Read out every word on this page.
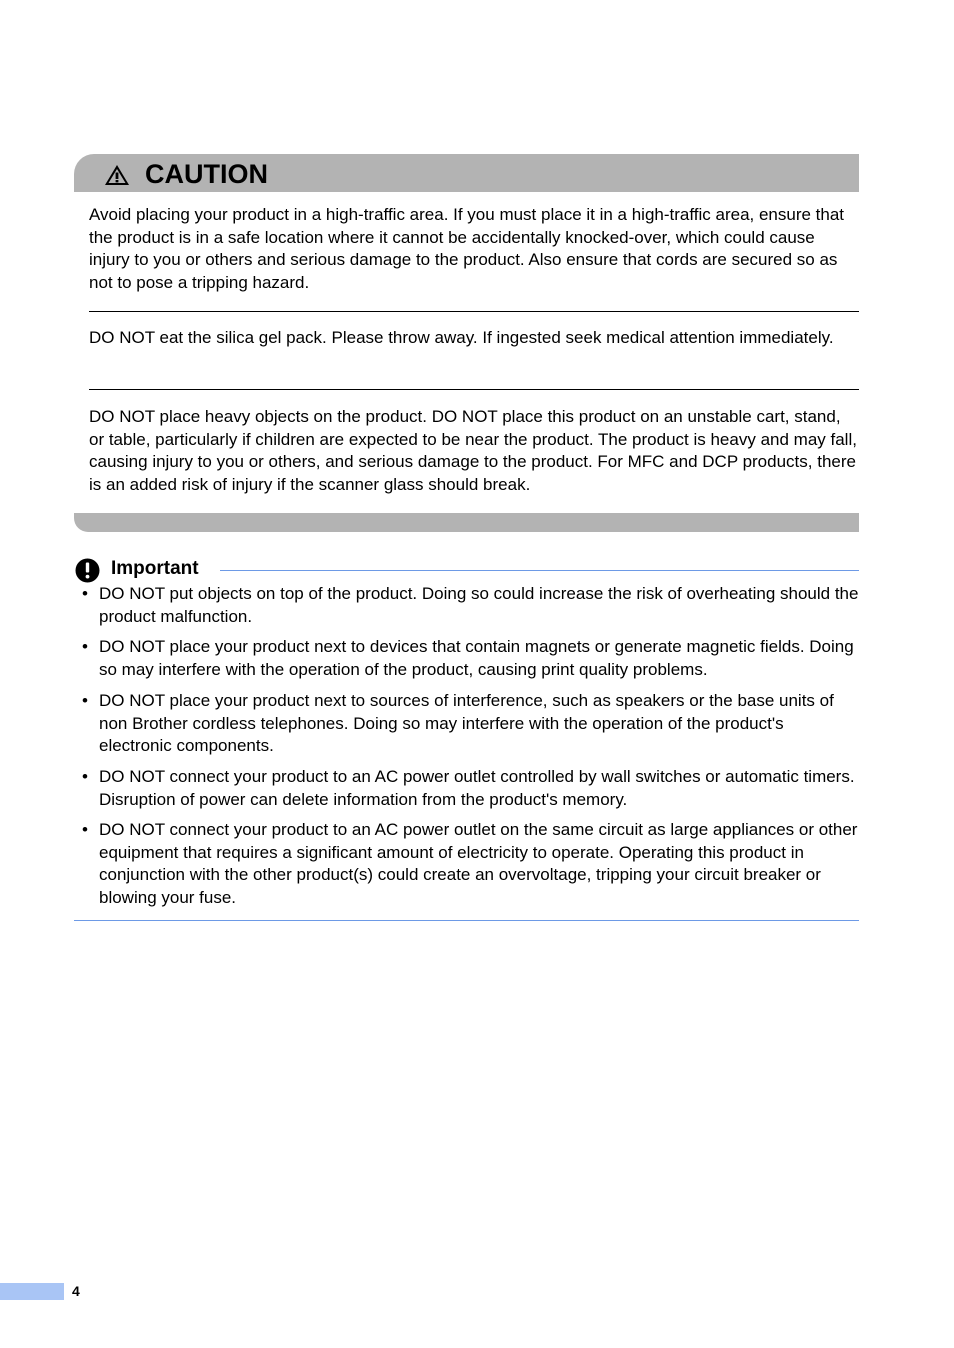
CAUTION

Avoid placing your product in a high-traffic area. If you must place it in a high-traffic area, ensure that the product is in a safe location where it cannot be accidentally knocked-over, which could cause injury to you or others and serious damage to the product. Also ensure that cords are secured so as not to pose a tripping hazard.

DO NOT eat the silica gel pack. Please throw away. If ingested seek medical attention immediately.

DO NOT place heavy objects on the product. DO NOT place this product on an unstable cart, stand, or table, particularly if children are expected to be near the product. The product is heavy and may fall, causing injury to you or others, and serious damage to the product. For MFC and DCP products, there is an added risk of injury if the scanner glass should break.

Important
• DO NOT put objects on top of the product. Doing so could increase the risk of overheating should the product malfunction.
• DO NOT place your product next to devices that contain magnets or generate magnetic fields. Doing so may interfere with the operation of the product, causing print quality problems.
• DO NOT place your product next to sources of interference, such as speakers or the base units of non Brother cordless telephones. Doing so may interfere with the operation of the product's electronic components.
• DO NOT connect your product to an AC power outlet controlled by wall switches or automatic timers. Disruption of power can delete information from the product's memory.
• DO NOT connect your product to an AC power outlet on the same circuit as large appliances or other equipment that requires a significant amount of electricity to operate. Operating this product in conjunction with the other product(s) could create an overvoltage, tripping your circuit breaker or blowing your fuse.
4
